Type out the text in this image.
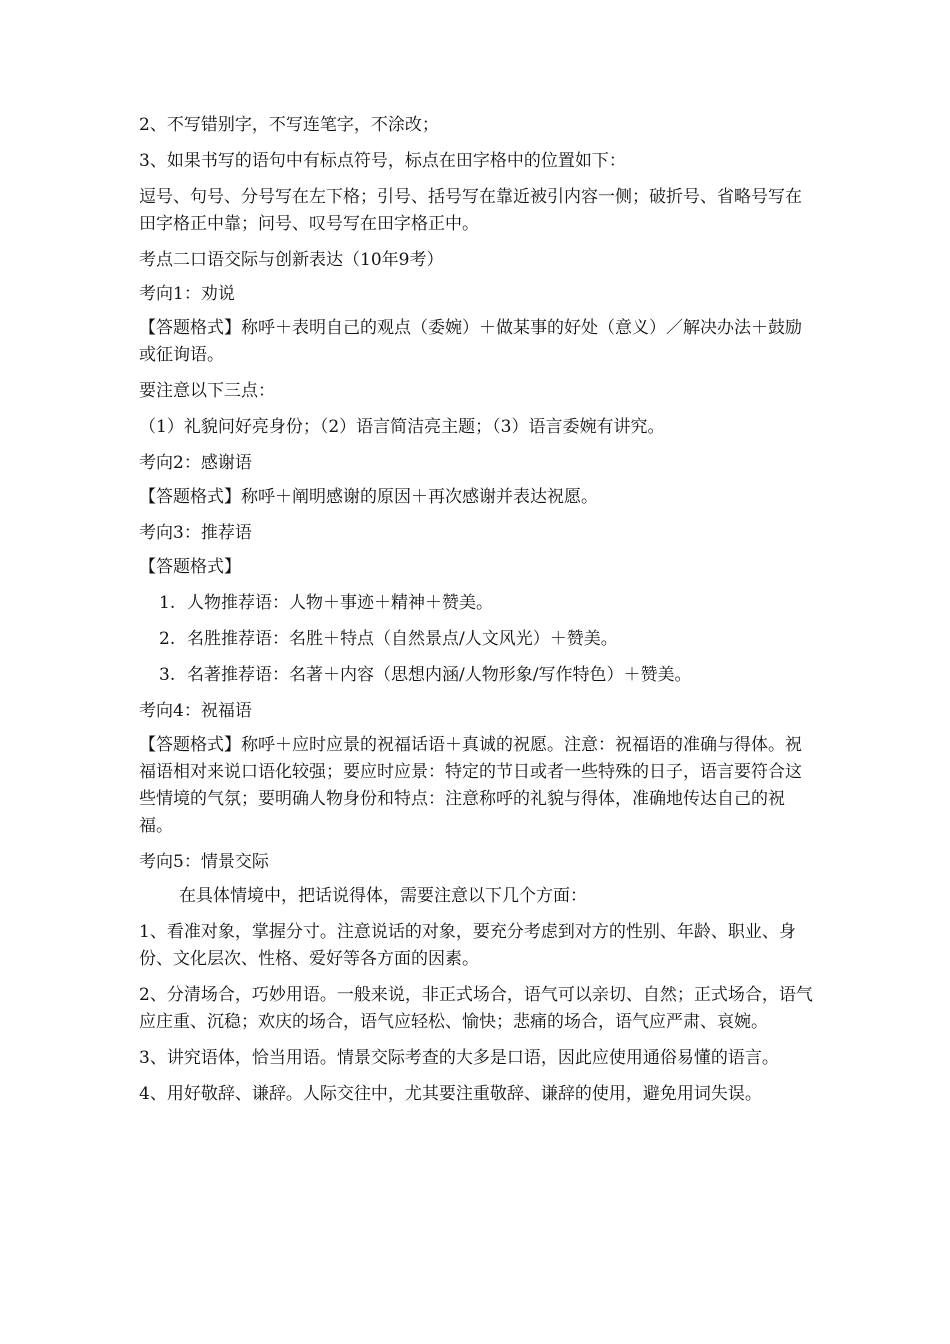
2、不写错别字，不写连笔字，不涂改；

3、如果书写的语句中有标点符号，标点在田字格中的位置如下：

逗号、句号、分号写在左下格；引号、括号写在靠近被引内容一侧；破折号、省略号写在田字格正中靠；问号、叹号写在田字格正中。

考点二口语交际与创新表达（10年9考）

考向1：劝说

【答题格式】称呼＋表明自己的观点（委婉）＋做某事的好处（意义）／解决办法＋鼓励或征询语。

要注意以下三点：

（1）礼貌问好亮身份；（2）语言简洁亮主题；（3）语言委婉有讲究。

考向2：感谢语

【答题格式】称呼＋阐明感谢的原因＋再次感谢并表达祝愿。

考向3：推荐语

【答题格式】

1. 人物推荐语：人物＋事迹＋精神＋赞美。
2. 名胜推荐语：名胜＋特点（自然景点/人文风光）＋赞美。
3. 名著推荐语：名著＋内容（思想内涵/人物形象/写作特色）＋赞美。

考向4：祝福语

【答题格式】称呼＋应时应景的祝福话语＋真诚的祝愿。注意：祝福语的准确与得体。祝福语相对来说口语化较强；要应时应景：特定的节日或者一些特殊的日子，语言要符合这些情境的气氛；要明确人物身份和特点：注意称呼的礼貌与得体，准确地传达自己的祝福。

考向5：情景交际

在具体情境中，把话说得体，需要注意以下几个方面：

1、看准对象，掌握分寸。注意说话的对象，要充分考虑到对方的性别、年龄、职业、身份、文化层次、性格、爱好等各方面的因素。

2、分清场合，巧妙用语。一般来说，非正式场合，语气可以亲切、自然；正式场合，语气应庄重、沉稳；欢庆的场合，语气应轻松、愉快；悲痛的场合，语气应严肃、哀婉。

3、讲究语体，恰当用语。情景交际考查的大多是口语，因此应使用通俗易懂的语言。

4、用好敬辞、谦辞。人际交往中，尤其要注重敬辞、谦辞的使用，避免用词失误。
